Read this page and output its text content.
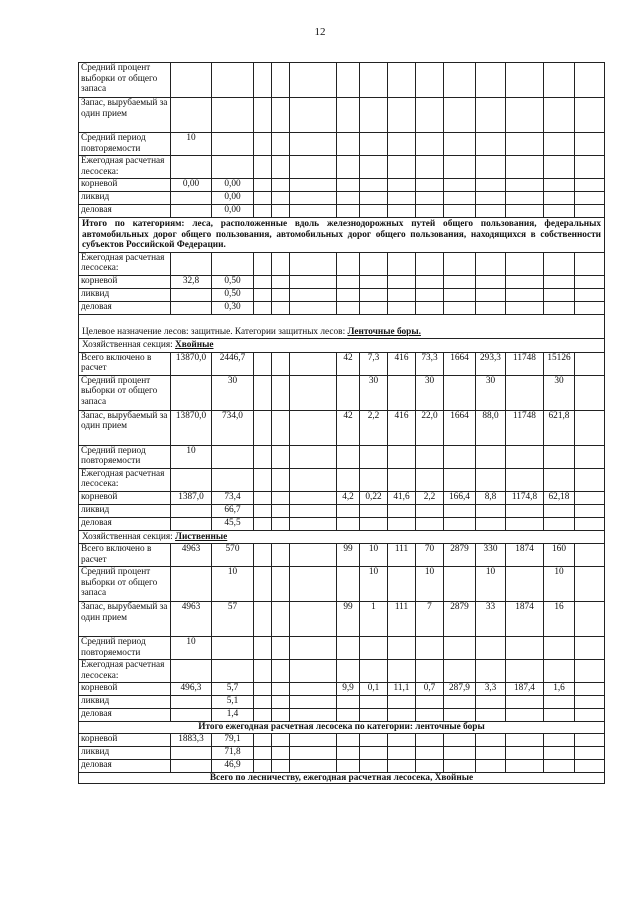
12
Средний процент выборки от общего запаса														
Запас, вырубаемый за один прием														
Средний период повторяемости	10													
Ежегодная расчетная лесосека:														
корневой	0,00	0,00												
ликвид		0,00												
деловая		0,00												
Итого по категориям: леса, расположенные вдоль железнодорожных путей общего пользования, федеральных автомобильных дорог общего пользования, автомобильных дорог общего пользования, находящихся в собственности субъектов Российской Федерации.														
Ежегодная расчетная лесосека:														
корневой	32,8	0,50												
ликвид		0,50												
деловая		0,30												
Целевое назначение лесов: защитные. Категории защитных лесов: Ленточные боры.														
Хозяйственная секция: Хвойные														
Всего включено в расчет	13870,0	2446,7				42	7,3	416	73,3	1664	293,3	11748	15126	
Средний процент выборки от общего запаса		30					30		30		30		30	
Запас, вырубаемый за один прием	13870,0	734,0				42	2,2	416	22,0	1664	88,0	11748	621,8	
Средний период повторяемости	10													
Ежегодная расчетная лесосека:														
корневой	1387,0	73,4				4,2	0,22	41,6	2,2	166,4	8,8	1174,8	62,18	
ликвид		66,7												
деловая		45,5												
Хозяйственная секция: Лиственные														
Всего включено в расчет	4963	570				99	10	111	70	2879	330	1874	160	
Средний процент выборки от общего запаса		10					10		10		10		10	
Запас, вырубаемый за один прием	4963	57				99	1	111	7	2879	33	1874	16	
Средний период повторяемости	10													
Ежегодная расчетная лесосека:														
корневой	496,3	5,7				9,9	0,1	11,1	0,7	287,9	3,3	187,4	1,6	
ликвид		5,1												
деловая		1,4												
Итого ежегодная расчетная лесосека по категории: ленточные боры														
корневой	1883,3	79,1												
ликвид		71,8												
деловая		46,9												
Всего по лесничеству, ежегодная расчетная лесосека, Хвойные														
